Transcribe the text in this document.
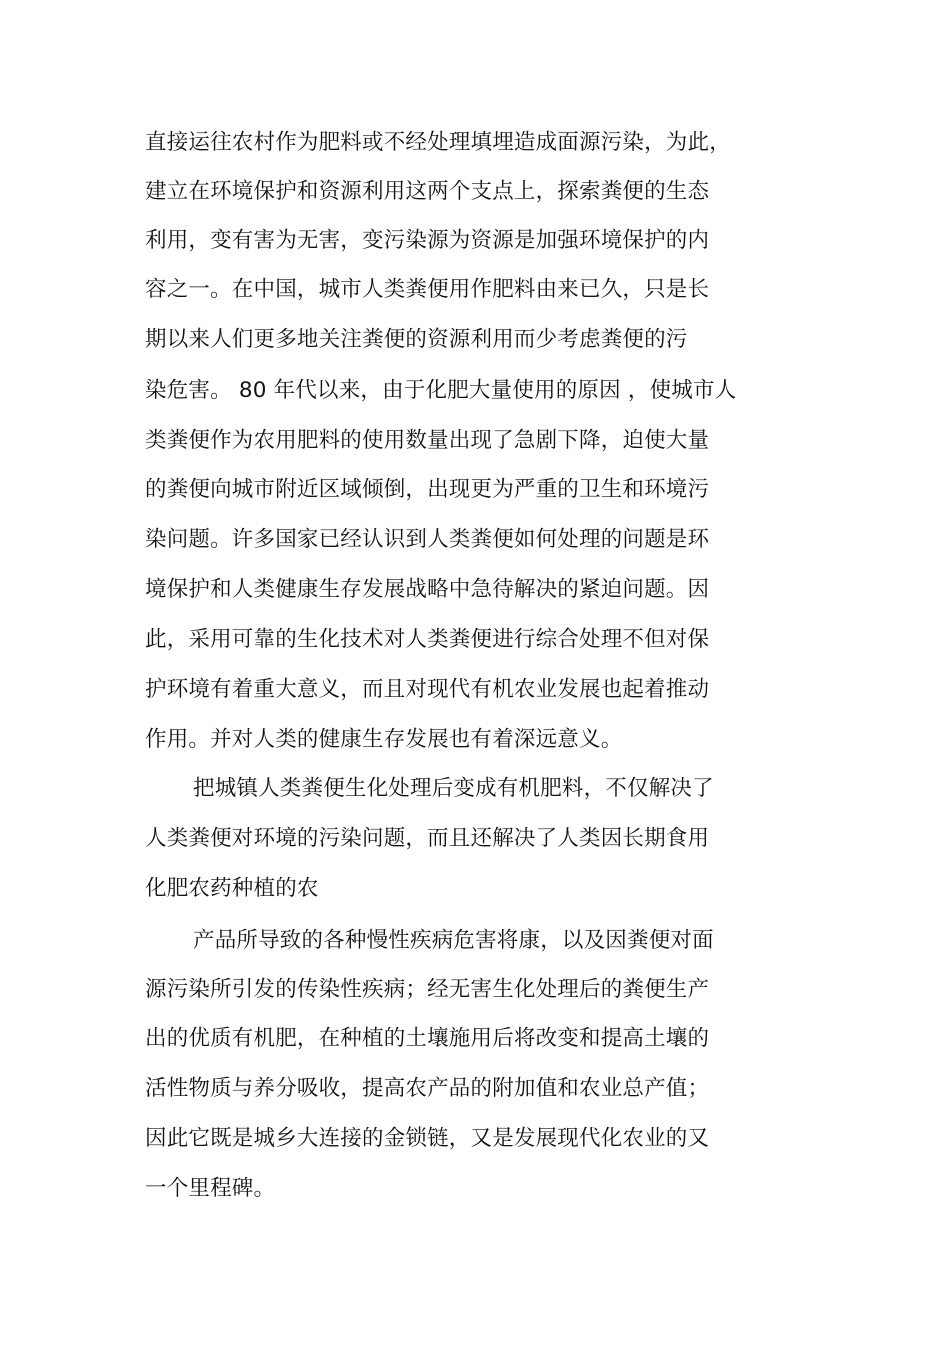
直接运往农村作为肥料或不经处理填埋造成面源污染，为此，
建立在环境保护和资源利用这两个支点上，探索粪便的生态
利用，变有害为无害，变污染源为资源是加强环境保护的内
容之一。在中国，城市人类粪便用作肥料由来已久，只是长
期以来人们更多地关注粪便的资源利用而少考虑粪便的污
染危害。 80 年代以来，由于化肥大量使用的原因 ，使城市人
类粪便作为农用肥料的使用数量出现了急剧下降，迫使大量
的粪便向城市附近区域倾倒，出现更为严重的卫生和环境污
染问题。许多国家已经认识到人类粪便如何处理的问题是环
境保护和人类健康生存发展战略中急待解决的紧迫问题。因
此，采用可靠的生化技术对人类粪便进行综合处理不但对保
护环境有着重大意义，而且对现代有机农业发展也起着推动
作用。并对人类的健康生存发展也有着深远意义。
把城镇人类粪便生化处理后变成有机肥料，不仅解决了
人类粪便对环境的污染问题，而且还解决了人类因长期食用
化肥农药种植的农
产品所导致的各种慢性疾病危害将康，以及因粪便对面
源污染所引发的传染性疾病；经无害生化处理后的粪便生产
出的优质有机肥，在种植的土壤施用后将改变和提高土壤的
活性物质与养分吸收，提高农产品的附加值和农业总产值；
因此它既是城乡大连接的金锁链，又是发展现代化农业的又
一个里程碑。
